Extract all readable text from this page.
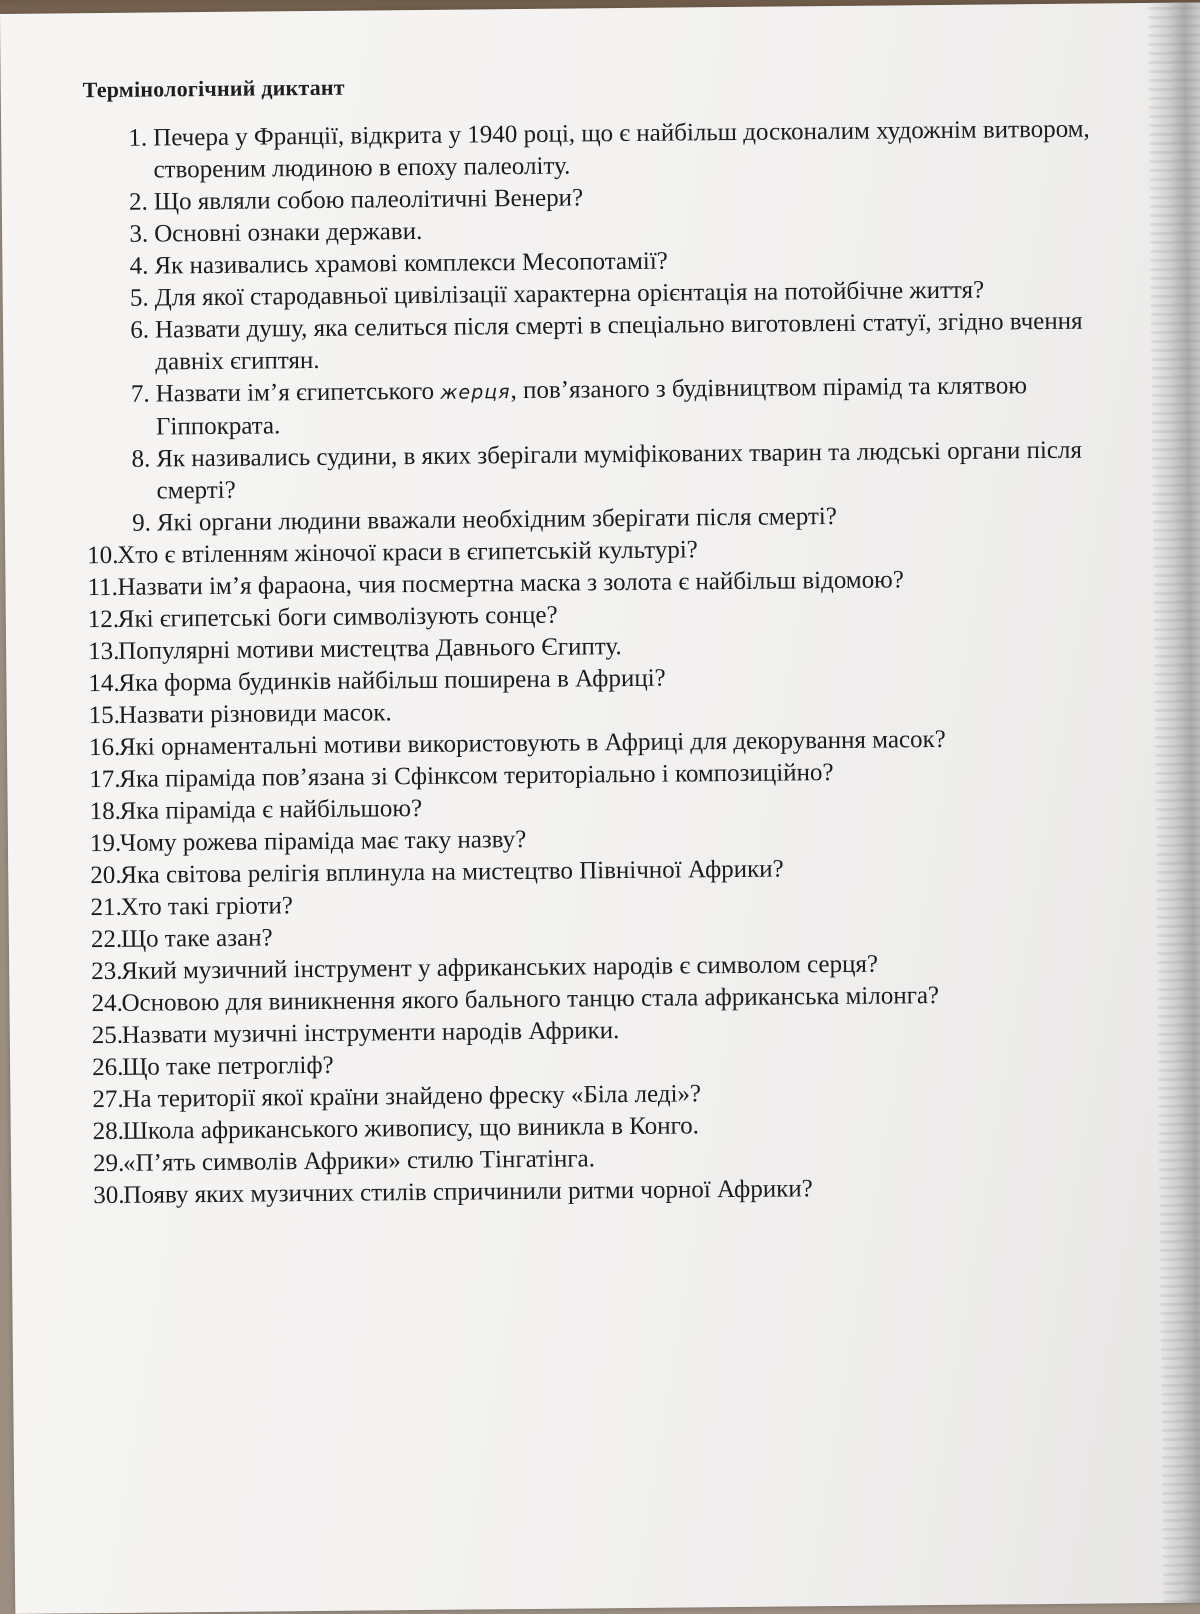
Термінологічний диктант
1. Печера у Франції, відкрита у 1940 році, що є найбільш досконалим художнім витвором, створеним людиною в епоху палеоліту.
2. Що являли собою палеолітичні Венери?
3. Основні ознаки держави.
4. Як називались храмові комплекси Месопотамії?
5. Для якої стародавньої цивілізації характерна орієнтація на потойбічне життя?
6. Назвати душу, яка селиться після смерті в спеціально виготовлені статуї, згідно вчення давніх єгиптян.
7. Назвати ім’я єгипетського жерця, пов’язаного з будівництвом пірамід та клятвою Гіппократа.
8. Як називались судини, в яких зберігали муміфікованих тварин та людські органи після смерті?
9. Які органи людини вважали необхідним зберігати після смерті?
10.
Хто є втіленням жіночої краси в єгипетській культурі?
11. Назвати ім’я фараона, чия посмертна маска з золота є найбільш відомою?
12.
Які єгипетські боги символізують сонце?
13.
Популярні мотиви мистецтва Давнього Єгипту.
14.
Яка форма будинків найбільш поширена в Африці?
15.
Назвати різновиди масок.
16.
Які орнаментальні мотиви використовують в Африці для декорування масок?
17.
Яка піраміда пов’язана зі Сфінксом територіально і композиційно?
18.
Яка піраміда є найбільшою?
19.
Чому рожева піраміда має таку назву?
20.
Яка світова релігія вплинула на мистецтво Північної Африки?
21.
Хто такі гріоти?
22.
Що таке азан?
23.
Який музичний інструмент у африканських народів є символом серця?
24.
Основою для виникнення якого бального танцю стала африканська мілонга?
25.
Назвати музичні інструменти народів Африки.
26.
Що таке петрогліф?
27.
На території якої країни знайдено фреску «Біла леді»?
28.
Школа африканського живопису, що виникла в Конго.
29.
«П’ять символів Африки» стилю Тінгатінга.
30.
Появу яких музичних стилів спричинили ритми чорної Африки?
